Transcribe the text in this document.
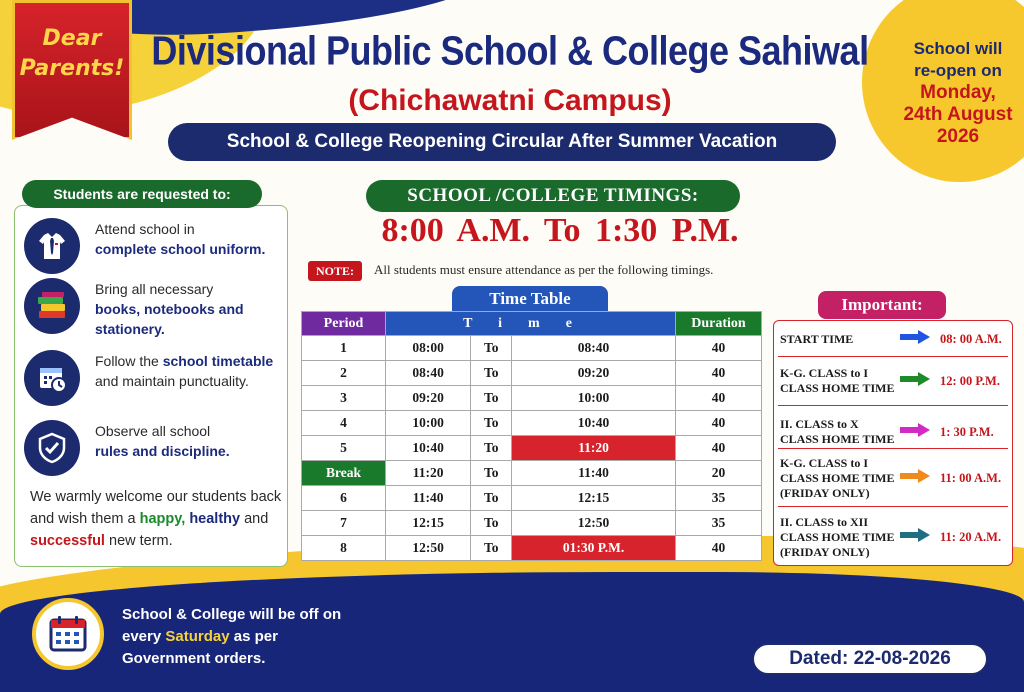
Dear
Parents!
School will
re-open on
Monday,
24th August
2026
Divisional Public School & College Sahiwal
(Chichawatni Campus)
School & College Reopening Circular After Summer Vacation
Students are requested to:
Attend school in
complete school uniform.
Bring all necessary
books, notebooks and stationery.
Follow the school timetable and maintain punctuality.
Observe all school
rules and discipline.
We warmly welcome our students back and wish them a happy, healthy and successful new term.
SCHOOL /COLLEGE TIMINGS:
8:00 A.M. To 1:30 P.M.
NOTE:	All students must ensure attendance as per the following timings.
Time Table
Period	Time			Duration
1	08:00	To	08:40	40
2	08:40	To	09:20	40
3	09:20	To	10:00	40
4	10:00	To	10:40	40
5	10:40	To	11:20	40
Break	11:20	To	11:40	20
6	11:40	To	12:15	35
7	12:15	To	12:50	35
8	12:50	To	01:30 P.M.	40
Important:
START TIME	08: 00 A.M.
K-G. CLASS to I CLASS HOME TIME
12: 00 P.M.
II. CLASS to X CLASS HOME TIME
1: 30 P.M.
K-G. CLASS to I CLASS HOME TIME (FRIDAY ONLY)
11: 00 A.M.
II. CLASS to XII CLASS HOME TIME (FRIDAY ONLY)
11: 20 A.M.
School & College will be off on every Saturday as per Government orders.	Dated: 22-08-2026
